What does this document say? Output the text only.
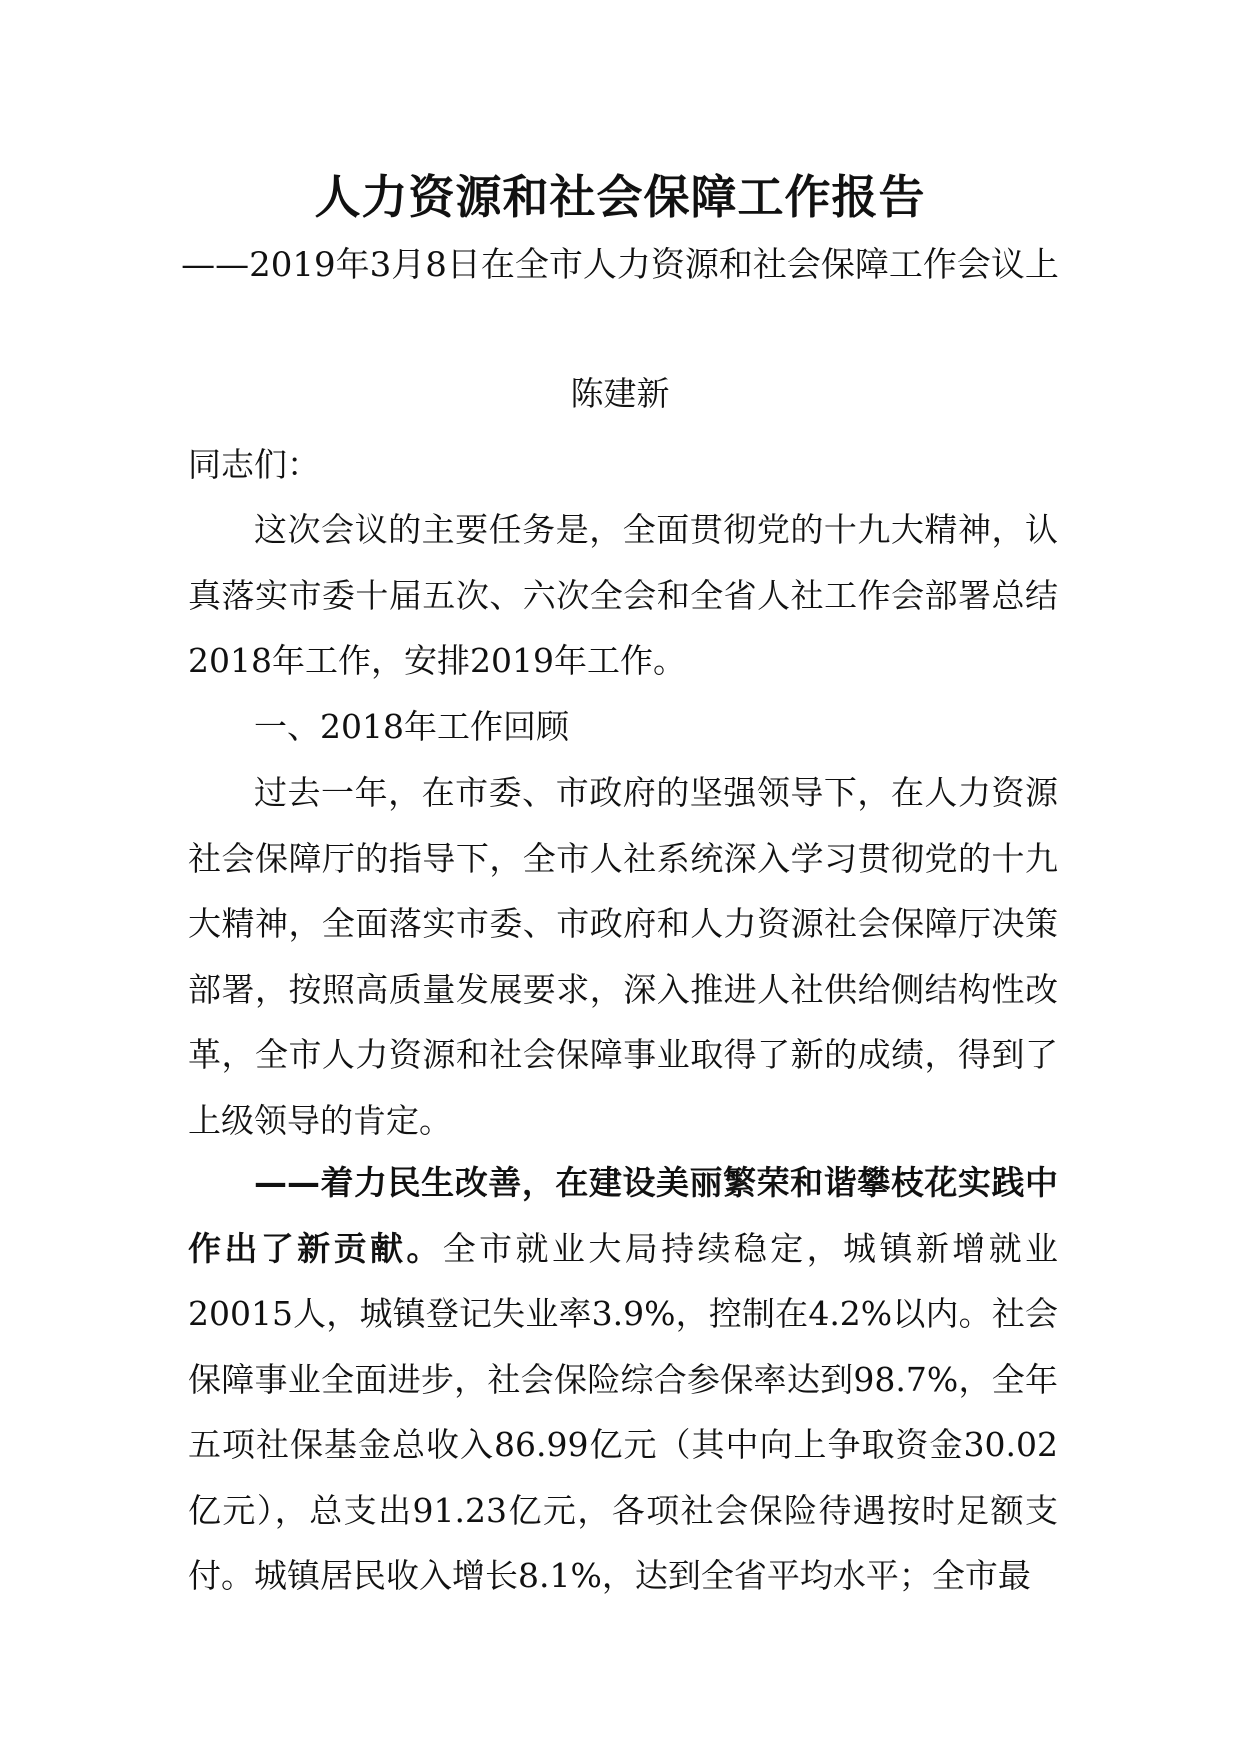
人力资源和社会保障工作报告
——2019年3月8日在全市人力资源和社会保障工作会议上
陈建新
同志们：

这次会议的主要任务是，全面贯彻党的十九大精神，认真落实市委十届五次、六次全会和全省人社工作会部署总结2018年工作，安排2019年工作。

一、2018年工作回顾
过去一年，在市委、市政府的坚强领导下，在人力资源社会保障厅的指导下，全市人社系统深入学习贯彻党的十九大精神，全面落实市委、市政府和人力资源社会保障厅决策部署，按照高质量发展要求，深入推进人社供给侧结构性改革，全市人力资源和社会保障事业取得了新的成绩，得到了上级领导的肯定。
——着力民生改善，在建设美丽繁荣和谐攀枝花实践中作出了新贡献。全市就业大局持续稳定，城镇新增就业20015人，城镇登记失业率3.9%，控制在4.2%以内。社会保障事业全面进步，社会保险综合参保率达到98.7%，全年五项社保基金总收入86.99亿元（其中向上争取资金30.02亿元），总支出91.23亿元，各项社会保险待遇按时足额支付。城镇居民收入增长8.1%，达到全省平均水平；全市最
